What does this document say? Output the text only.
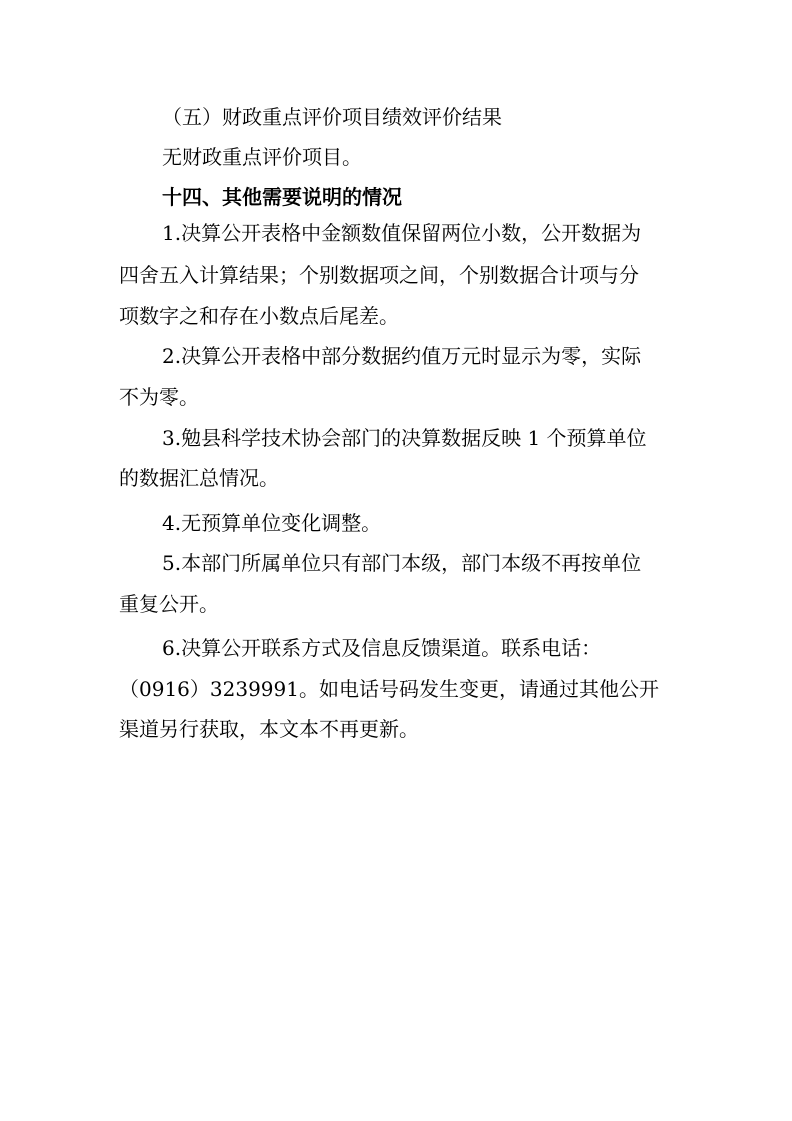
（五）财政重点评价项目绩效评价结果
无财政重点评价项目。
十四、其他需要说明的情况
1.决算公开表格中金额数值保留两位小数，公开数据为
四舍五入计算结果；个别数据项之间，个别数据合计项与分
项数字之和存在小数点后尾差。
2.决算公开表格中部分数据约值万元时显示为零，实际
不为零。
3.勉县科学技术协会部门的决算数据反映 1 个预算单位
的数据汇总情况。
4.无预算单位变化调整。
5.本部门所属单位只有部门本级，部门本级不再按单位
重复公开。
6.决算公开联系方式及信息反馈渠道。联系电话：
（0916）3239991。如电话号码发生变更，请通过其他公开
渠道另行获取，本文本不再更新。
